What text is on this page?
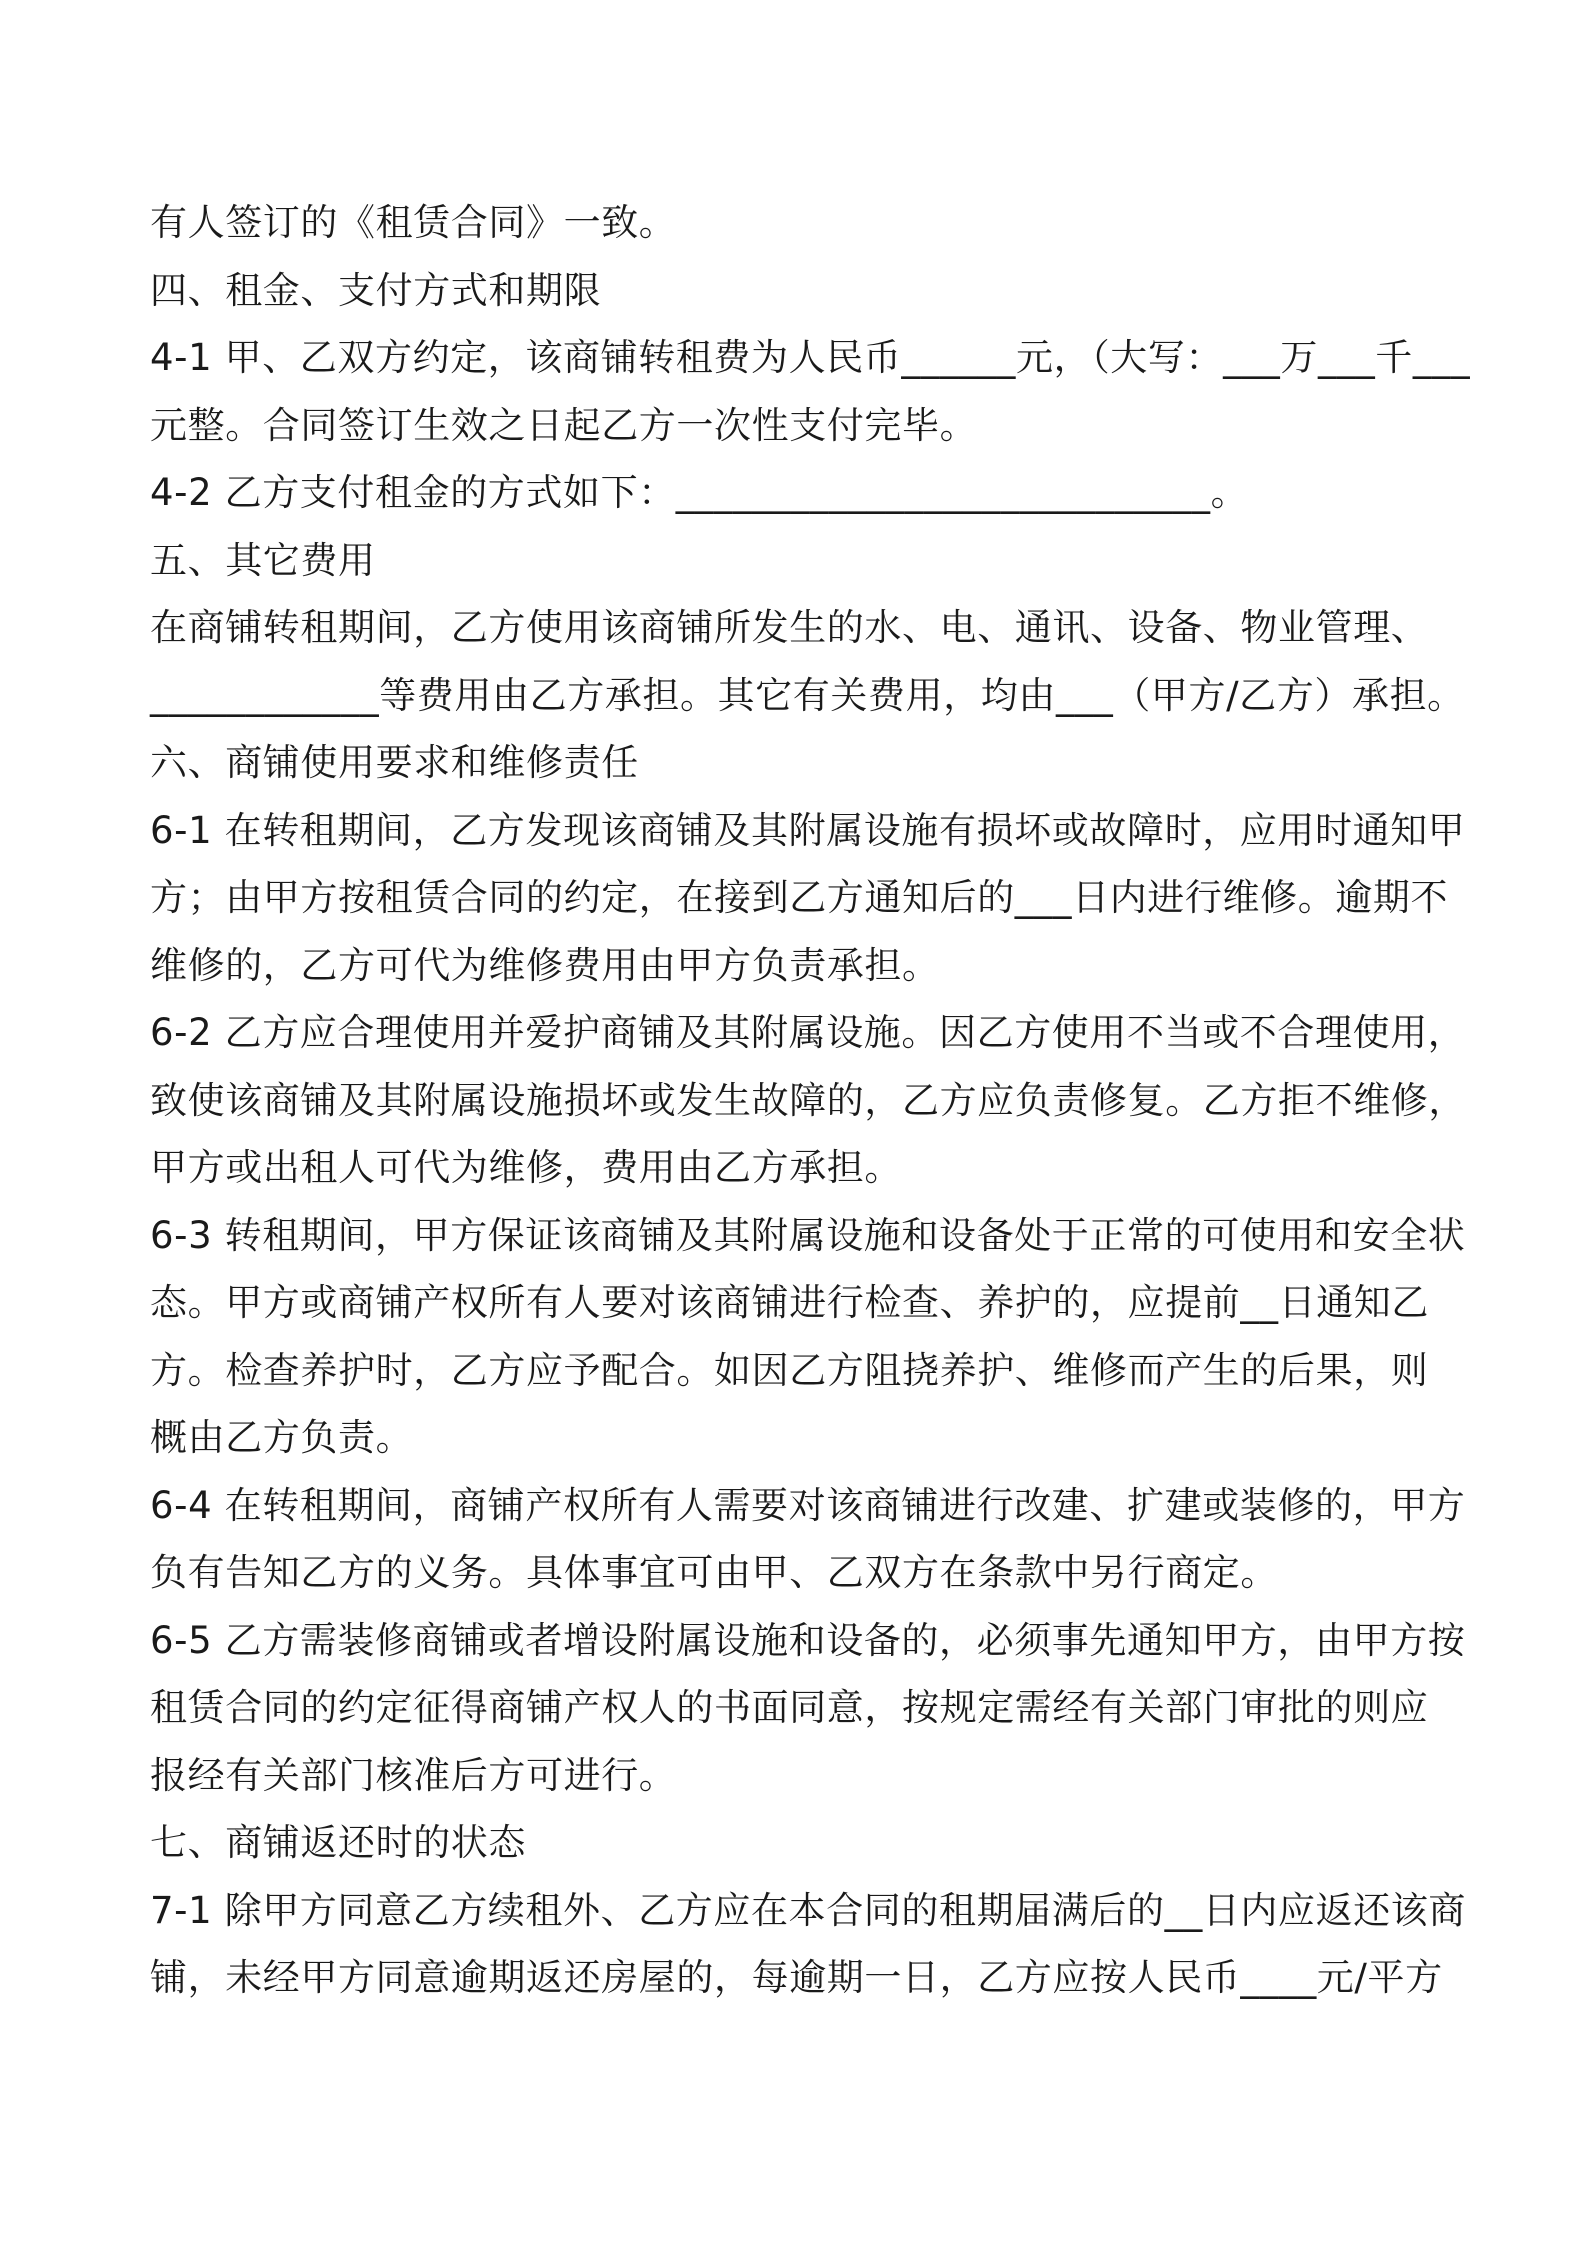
有人签订的《租赁合同》一致。
四、租金、支付方式和期限
4-1 甲、乙双方约定，该商铺转租费为人民币______元，（大写：___万___千___
元整。合同签订生效之日起乙方一次性支付完毕。
4-2 乙方支付租金的方式如下：____________________________。
五、其它费用
在商铺转租期间，乙方使用该商铺所发生的水、电、通讯、设备、物业管理、
____________等费用由乙方承担。其它有关费用，均由___（甲方/乙方）承担。
六、商铺使用要求和维修责任
6-1 在转租期间，乙方发现该商铺及其附属设施有损坏或故障时，应用时通知甲
方；由甲方按租赁合同的约定，在接到乙方通知后的___日内进行维修。逾期不
维修的，乙方可代为维修费用由甲方负责承担。
6-2 乙方应合理使用并爱护商铺及其附属设施。因乙方使用不当或不合理使用，
致使该商铺及其附属设施损坏或发生故障的，乙方应负责修复。乙方拒不维修，
甲方或出租人可代为维修，费用由乙方承担。
6-3 转租期间，甲方保证该商铺及其附属设施和设备处于正常的可使用和安全状
态。甲方或商铺产权所有人要对该商铺进行检查、养护的，应提前__日通知乙
方。检查养护时，乙方应予配合。如因乙方阻挠养护、维修而产生的后果，则
概由乙方负责。
6-4 在转租期间，商铺产权所有人需要对该商铺进行改建、扩建或装修的，甲方
负有告知乙方的义务。具体事宜可由甲、乙双方在条款中另行商定。
6-5 乙方需装修商铺或者增设附属设施和设备的，必须事先通知甲方，由甲方按
租赁合同的约定征得商铺产权人的书面同意，按规定需经有关部门审批的则应
报经有关部门核准后方可进行。
七、商铺返还时的状态
7-1 除甲方同意乙方续租外、乙方应在本合同的租期届满后的__日内应返还该商
铺，未经甲方同意逾期返还房屋的，每逾期一日，乙方应按人民币____元/平方
